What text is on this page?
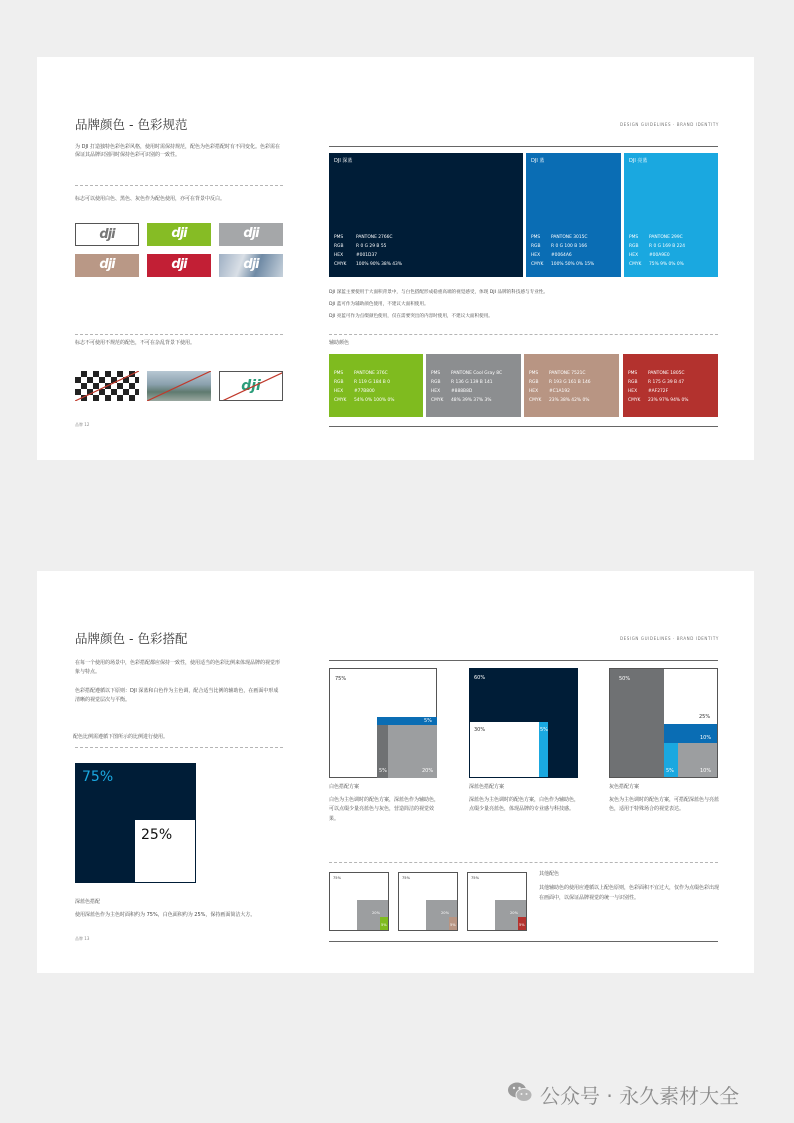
品牌颜色 - 色彩规范	DESIGN GUIDELINES · BRAND IDENTITY
为 DJI 打造独特色彩色彩风格，使用时需保持规范，配色为色彩搭配时有不同变化。色彩需在保证其品牌识别同时保持色彩可识别的一致性。
标志可以使用白色、黑色、灰色作为配色使用，亦可在背景中反白。
dji	dji	dji
dji	dji	dji
标志不可使用不规范的配色，不可在杂乱背景下使用。
dji
品牌 12
DJI 深蓝
PMS	PANTONE 2766C
RGB	R 0 G 29 B 55
HEX	#001D37
CMYK 100% 90% 38% 43%
DJI 蓝
PMS PANTONE 3015C
RGB R 0 G 100 B 166
HEX #0064A6
CMYK 100% 50% 0% 15%
DJI 亮蓝
PMS PANTONE 299C
RGB R 0 G 169 B 224
HEX #00A9E0
CMYK 75% 9% 0% 0%
DJI 深蓝主要使用于大面积背景中，与白色搭配形成稳重高端的视觉感受，体现 DJI 品牌的科技感与专业性。
DJI 蓝可作为辅助颜色使用，不建议大面积使用。
DJI 亮蓝可作为点缀颜色使用，仅在需要突出的内容时使用，不建议大面积使用。
辅助颜色
PMS PANTONE 376C
RGB R 119 G 184 B 0
HEX #77B800
CMYK 54% 0% 100% 0%
PMS PANTONE Cool Gray 8C
RGB R 136 G 139 B 141
HEX #888B8D
CMYK 48% 39% 37% 3%
PMS PANTONE 7521C
RGB R 193 G 161 B 146
HEX #C1A192
CMYK 23% 38% 42% 0%
PMS PANTONE 1805C
RGB R 175 G 39 B 47
HEX #AF272F
CMYK 23% 97% 94% 0%
品牌颜色 - 色彩搭配	DESIGN GUIDELINES · BRAND IDENTITY
在每一个使用的场景中，色彩搭配都应保持一致性，使用适当的色彩比例来体现品牌的视觉形象与特点。
色彩搭配遵循以下原则：DJI 深蓝和白色作为主色调，配合适当比例的辅助色，在画面中形成清晰的视觉层次与平衡。
配色比例需遵循下图所示的比例进行使用。
75%
25%
深蓝色搭配
使用深蓝色作为主色时面积约为 75%，白色面积约为 25%，保持画面简洁大方。
品牌 13
75%
5%
5%	20%
60%
30%	5%
50%
25%
10%
5%	10%
白色搭配方案
白色为主色调时的配色方案，深蓝色作为辅助色，可以点缀少量亮蓝色与灰色，营造简洁的视觉效果。
深蓝色搭配方案
深蓝色为主色调时的配色方案，白色作为辅助色，点缀少量亮蓝色，体现品牌的专业感与科技感。
灰色搭配方案
灰色为主色调时的配色方案，可搭配深蓝色与亮蓝色，适用于特殊场合的视觉表达。
75%
20%
5%
75%
20%
5%
75%
20%
5%
其他配色
其他辅助色的使用应遵循以上配色原则，色彩面积不宜过大，仅作为点缀色彩出现在画面中，以保证品牌视觉的统一与识别性。
公众号 · 永久素材大全
